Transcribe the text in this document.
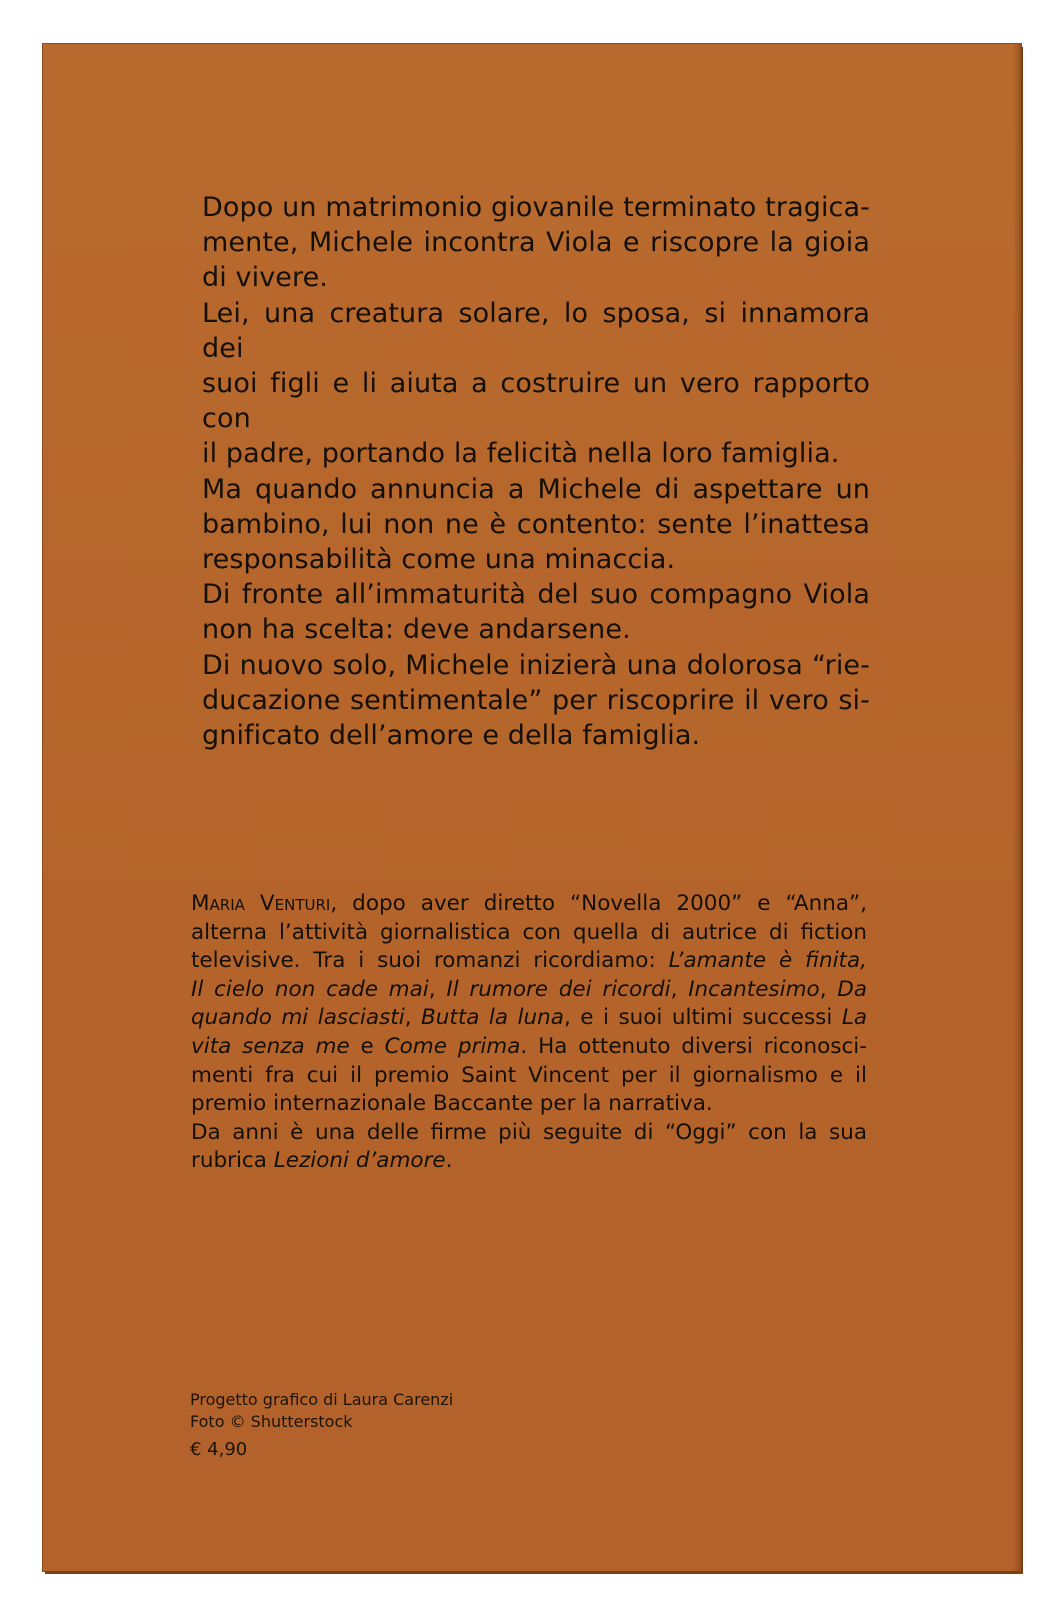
Dopo un matrimonio giovanile terminato tragica-

mente, Michele incontra Viola e riscopre la gioia

di vivere.

Lei, una creatura solare, lo sposa, si innamora dei

suoi figli e li aiuta a costruire un vero rapporto con

il padre, portando la felicità nella loro famiglia.

Ma quando annuncia a Michele di aspettare un

bambino, lui non ne è contento: sente l’inattesa

responsabilità come una minaccia.

Di fronte all’immaturità del suo compagno Viola

non ha scelta: deve andarsene.

Di nuovo solo, Michele inizierà una dolorosa “rie-

ducazione sentimentale” per riscoprire il vero si-

gnificato dell’amore e della famiglia.

Maria Venturi, dopo aver diretto “Novella 2000” e “Anna”,

alterna l’attività giornalistica con quella di autrice di fiction

televisive. Tra i suoi romanzi ricordiamo: L’amante è finita,

Il cielo non cade mai, Il rumore dei ricordi, Incantesimo, Da

quando mi lasciasti, Butta la luna, e i suoi ultimi successi La

vita senza me e Come prima. Ha ottenuto diversi riconosci-

menti fra cui il premio Saint Vincent per il giornalismo e il

premio internazionale Baccante per la narrativa.

Da anni è una delle firme più seguite di “Oggi” con la sua

rubrica Lezioni d’amore.

Progetto grafico di Laura Carenzi
Foto © Shutterstock
€ 4,90
